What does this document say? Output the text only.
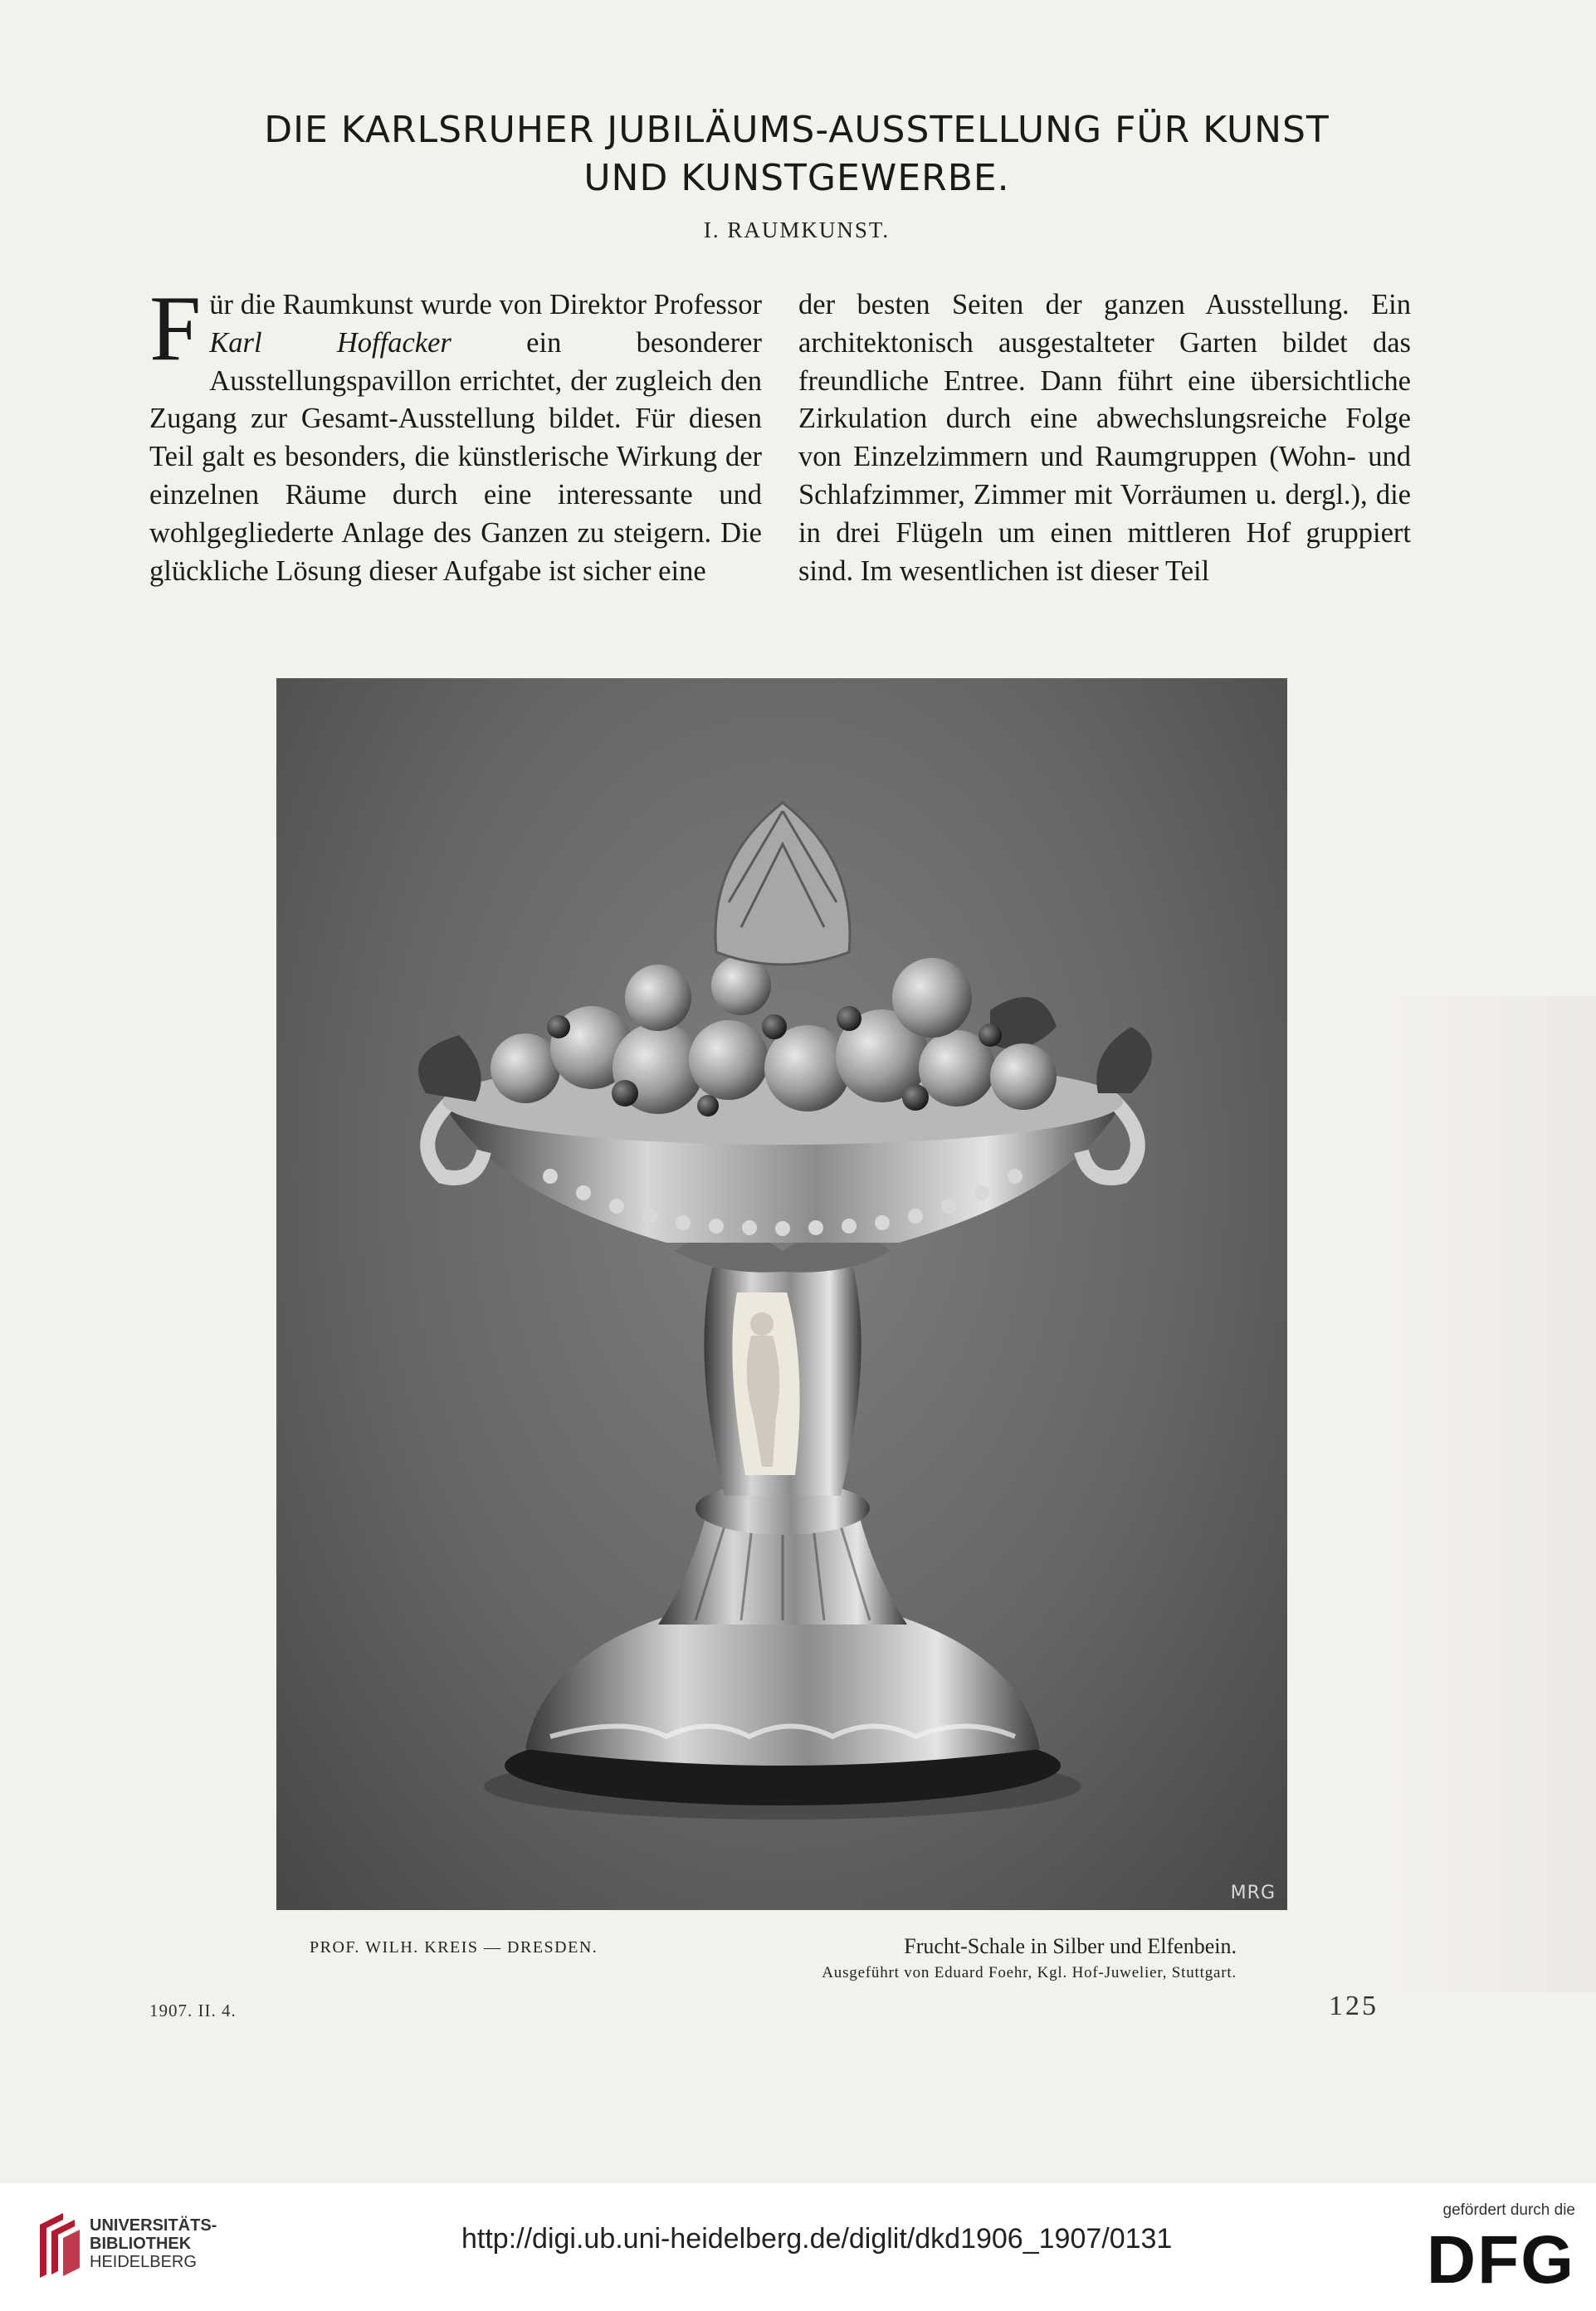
DIE KARLSRUHER JUBILÄUMS-AUSSTELLUNG FÜR KUNST
UND KUNSTGEWERBE.
I. RAUMKUNST.

Für die Raumkunst wurde von Direktor Professor Karl Hoffacker ein besonderer Ausstellungspavillon errichtet, der zugleich den Zugang zur Gesamt-Ausstellung bildet. Für diesen Teil galt es besonders, die künstlerische Wirkung der einzelnen Räume durch eine interessante und wohlgegliederte Anlage des Ganzen zu steigern. Die glückliche Lösung dieser Aufgabe ist sicher eine

der besten Seiten der ganzen Ausstellung. Ein architektonisch ausgestalteter Garten bildet das freundliche Entree. Dann führt eine übersichtliche Zirkulation durch eine abwechslungsreiche Folge von Einzelzimmern und Raumgruppen (Wohn- und Schlafzimmer, Zimmer mit Vorräumen u. dergl.), die in drei Flügeln um einen mittleren Hof gruppiert sind. Im wesentlichen ist dieser Teil

MRG
PROF. WILH. KREIS — DRESDEN.	Frucht-Schale in Silber und Elfenbein.
Ausgeführt von Eduard Foehr, Kgl. Hof-Juwelier, Stuttgart.
1907. II. 4.	125
UNIVERSITÄTS-
BIBLIOTHEK
HEIDELBERG
http://digi.ub.uni-heidelberg.de/diglit/dkd1906_1907/0131
gefördert durch die
DFG
